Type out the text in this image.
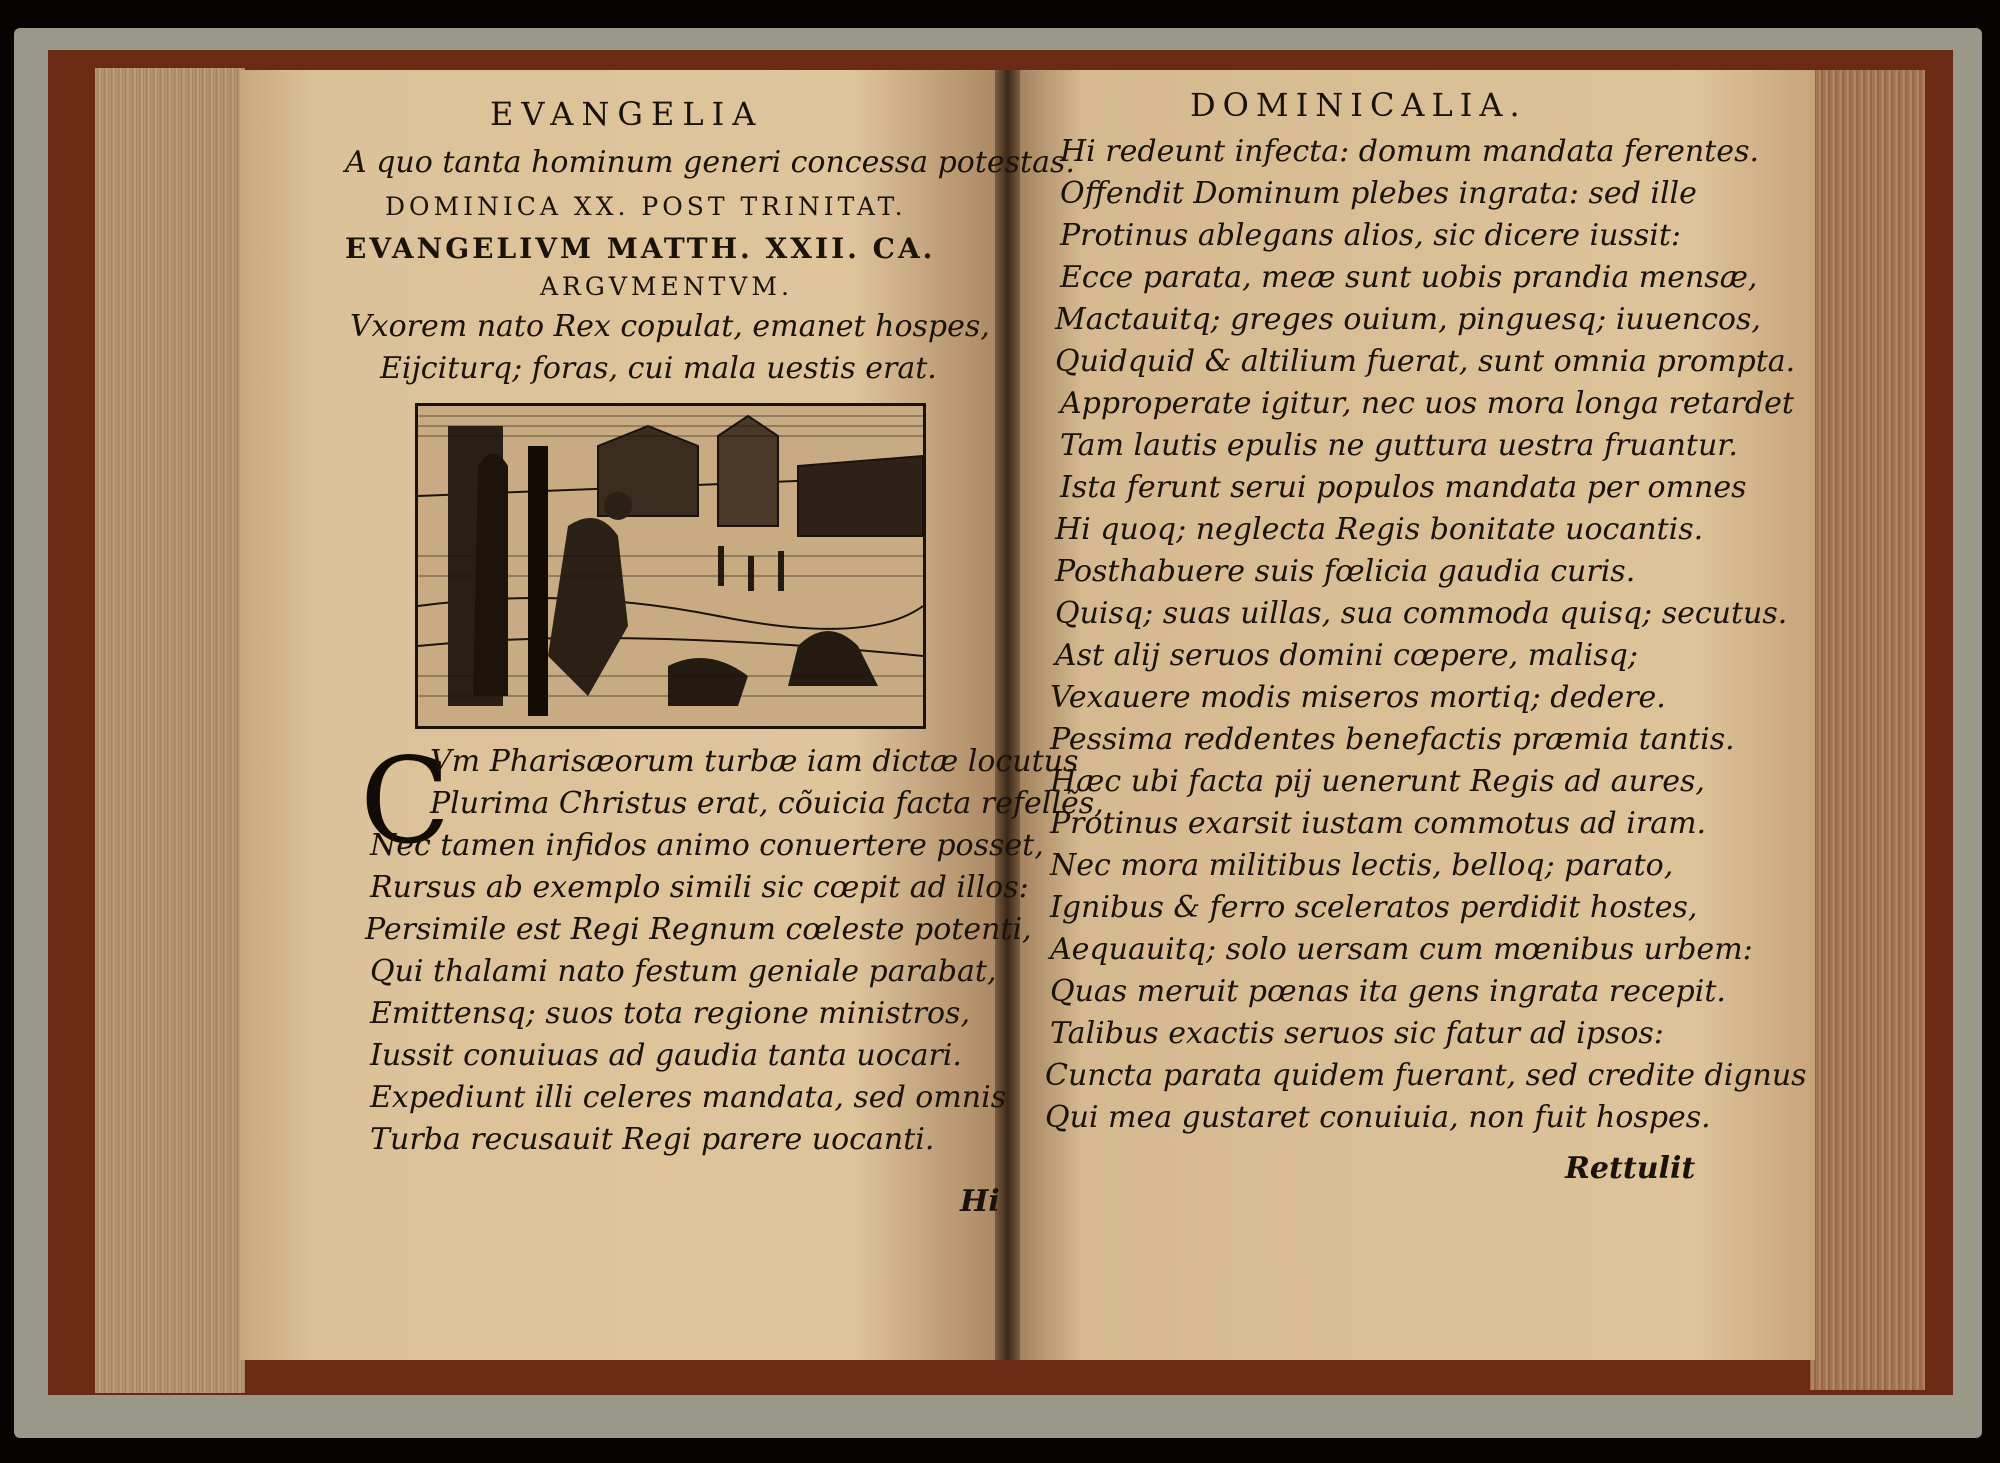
EVANGELIA
A quo tanta hominum generi concessa potestas.
DOMINICA XX. POST TRINITAT.
EVANGELIVM MATTH. XXII. CA.
ARGVMENTVM.
Vxorem nato Rex copulat, emanet hospes,
Eijciturq; foras, cui mala uestis erat.
C
Vm Pharisæorum turbæ iam dictæ locutus
Plurima Christus erat, cõuicia facta refellẽs,
Nec tamen infidos animo conuertere posset,
Rursus ab exemplo simili sic cœpit ad illos:
Persimile est Regi Regnum cœleste potenti,
Qui thalami nato festum geniale parabat,
Emittensq; suos tota regione ministros,
Iussit conuiuas ad gaudia tanta uocari.
Expediunt illi celeres mandata, sed omnis
Turba recusauit Regi parere uocanti.
Hi
DOMINICALIA.
Hi redeunt infecta: domum mandata ferentes.
Offendit Dominum plebes ingrata: sed ille
Protinus ablegans alios, sic dicere iussit:
Ecce parata, meæ sunt uobis prandia mensæ,
Mactauitq; greges ouium, pinguesq; iuuencos,
Quidquid & altilium fuerat, sunt omnia prompta.
Approperate igitur, nec uos mora longa retardet
Tam lautis epulis ne guttura uestra fruantur.
Ista ferunt serui populos mandata per omnes
Hi quoq; neglecta Regis bonitate uocantis.
Posthabuere suis fœlicia gaudia curis.
Quisq; suas uillas, sua commoda quisq; secutus.
Ast alij seruos domini cœpere, malisq;
Vexauere modis miseros mortiq; dedere.
Pessima reddentes benefactis præmia tantis.
Hæc ubi facta pij uenerunt Regis ad aures,
Protinus exarsit iustam commotus ad iram.
Nec mora militibus lectis, belloq; parato,
Ignibus & ferro sceleratos perdidit hostes,
Aequauitq; solo uersam cum mœnibus urbem:
Quas meruit pœnas ita gens ingrata recepit.
Talibus exactis seruos sic fatur ad ipsos:
Cuncta parata quidem fuerant, sed credite dignus
Qui mea gustaret conuiuia, non fuit hospes.
Rettulit
